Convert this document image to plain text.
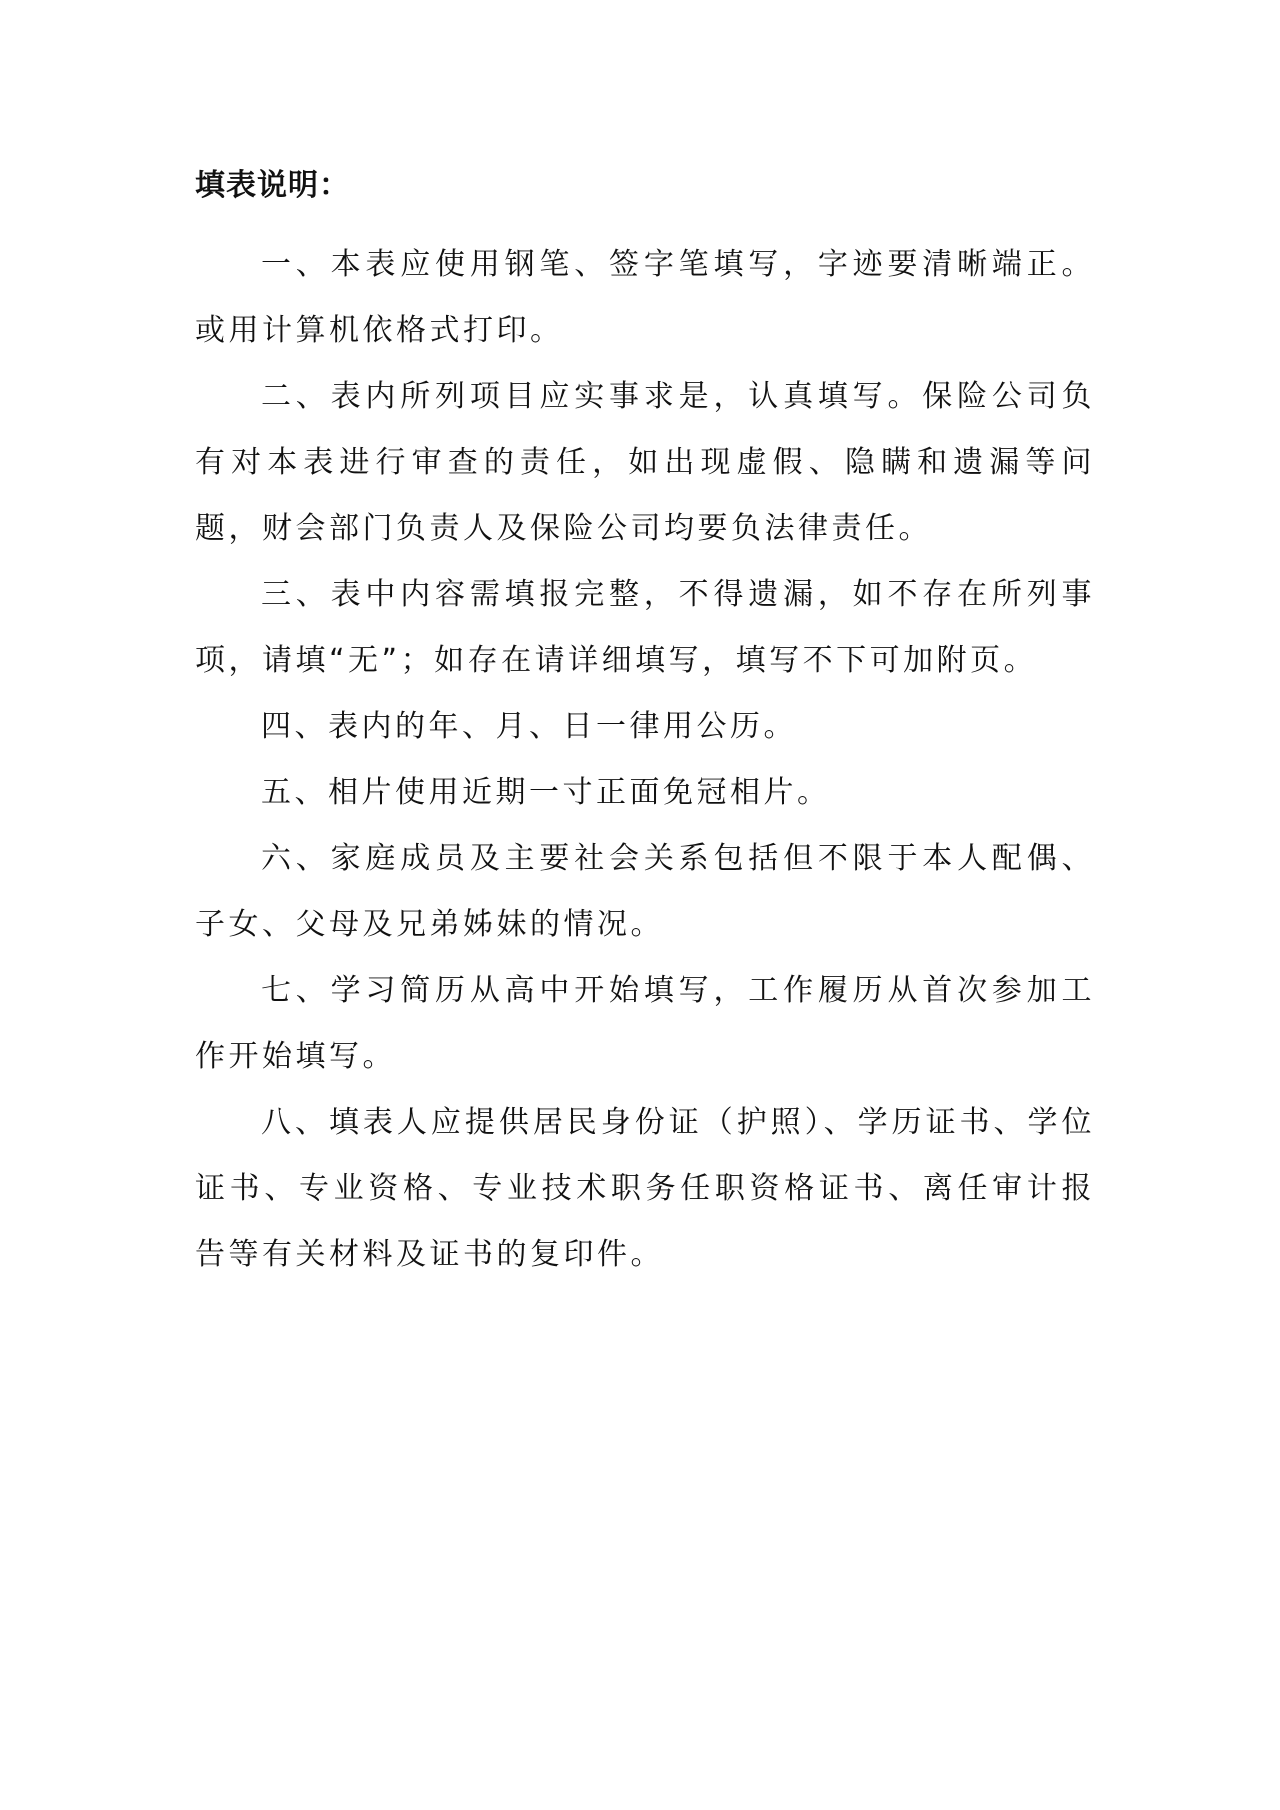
填表说明：

一、本表应使用钢笔、签字笔填写，字迹要清晰端正。或用计算机依格式打印。

二、表内所列项目应实事求是，认真填写。保险公司负有对本表进行审查的责任，如出现虚假、隐瞒和遗漏等问题，财会部门负责人及保险公司均要负法律责任。

三、表中内容需填报完整，不得遗漏，如不存在所列事项，请填“无”；如存在请详细填写，填写不下可加附页。

四、表内的年、月、日一律用公历。

五、相片使用近期一寸正面免冠相片。

六、家庭成员及主要社会关系包括但不限于本人配偶、子女、父母及兄弟姊妹的情况。

七、学习简历从高中开始填写，工作履历从首次参加工作开始填写。

八、填表人应提供居民身份证（护照）、学历证书、学位证书、专业资格、专业技术职务任职资格证书、离任审计报告等有关材料及证书的复印件。
